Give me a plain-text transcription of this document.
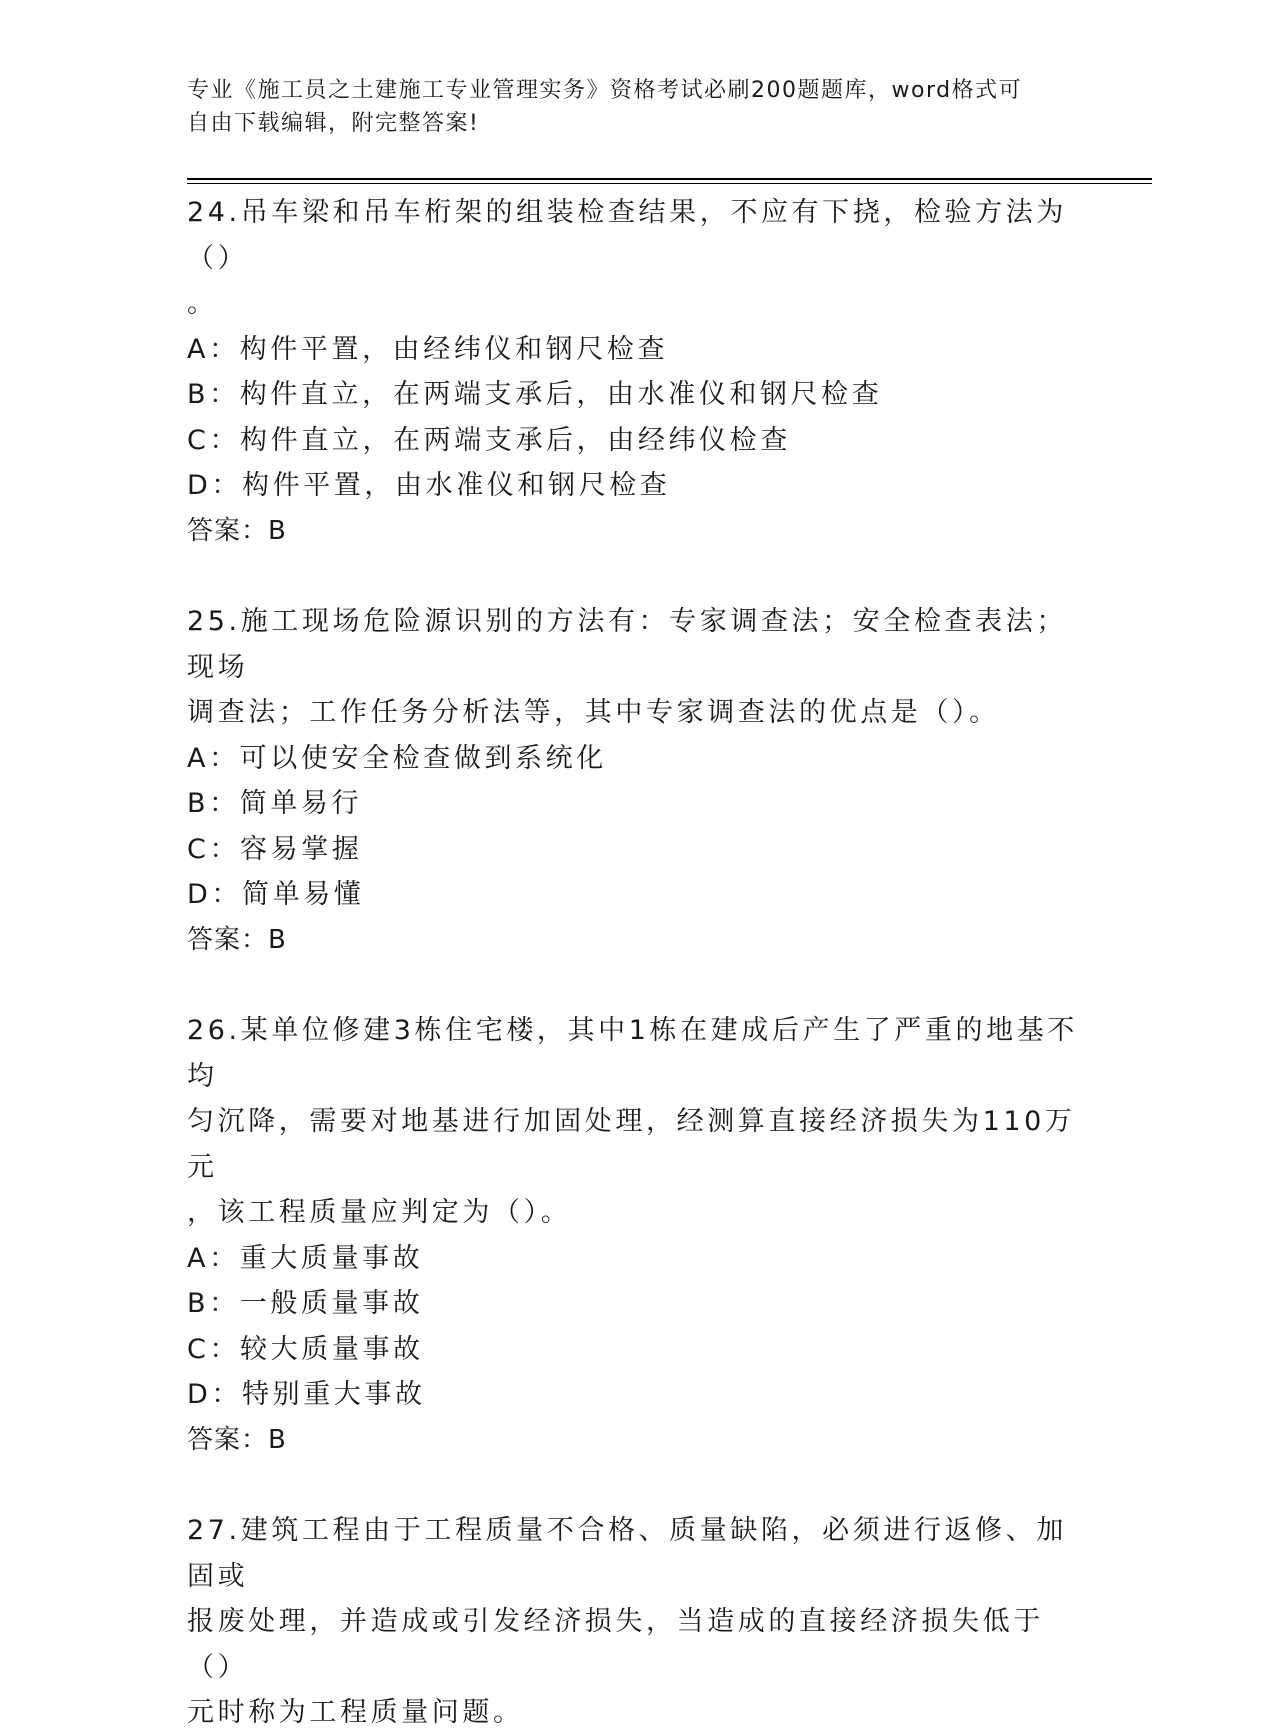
专业《施工员之土建施工专业管理实务》资格考试必刷200题题库，word格式可
自由下载编辑，附完整答案!

24.吊车梁和吊车桁架的组装检查结果，不应有下挠，检验方法为（）

。

A：构件平置，由经纬仪和钢尺检查

B：构件直立，在两端支承后，由水准仪和钢尺检查

C：构件直立，在两端支承后，由经纬仪检查

D：构件平置，由水准仪和钢尺检查

答案：B

25.施工现场危险源识别的方法有：专家调查法；安全检查表法；现场

调查法；工作任务分析法等，其中专家调查法的优点是（）。

A：可以使安全检查做到系统化

B：简单易行

C：容易掌握

D：简单易懂

答案：B

26.某单位修建3栋住宅楼，其中1栋在建成后产生了严重的地基不均

匀沉降，需要对地基进行加固处理，经测算直接经济损失为110万元

，该工程质量应判定为（）。

A：重大质量事故

B：一般质量事故

C：较大质量事故

D：特别重大事故

答案：B

27.建筑工程由于工程质量不合格、质量缺陷，必须进行返修、加固或

报废处理，并造成或引发经济损失，当造成的直接经济损失低于（）

元时称为工程质量问题。
